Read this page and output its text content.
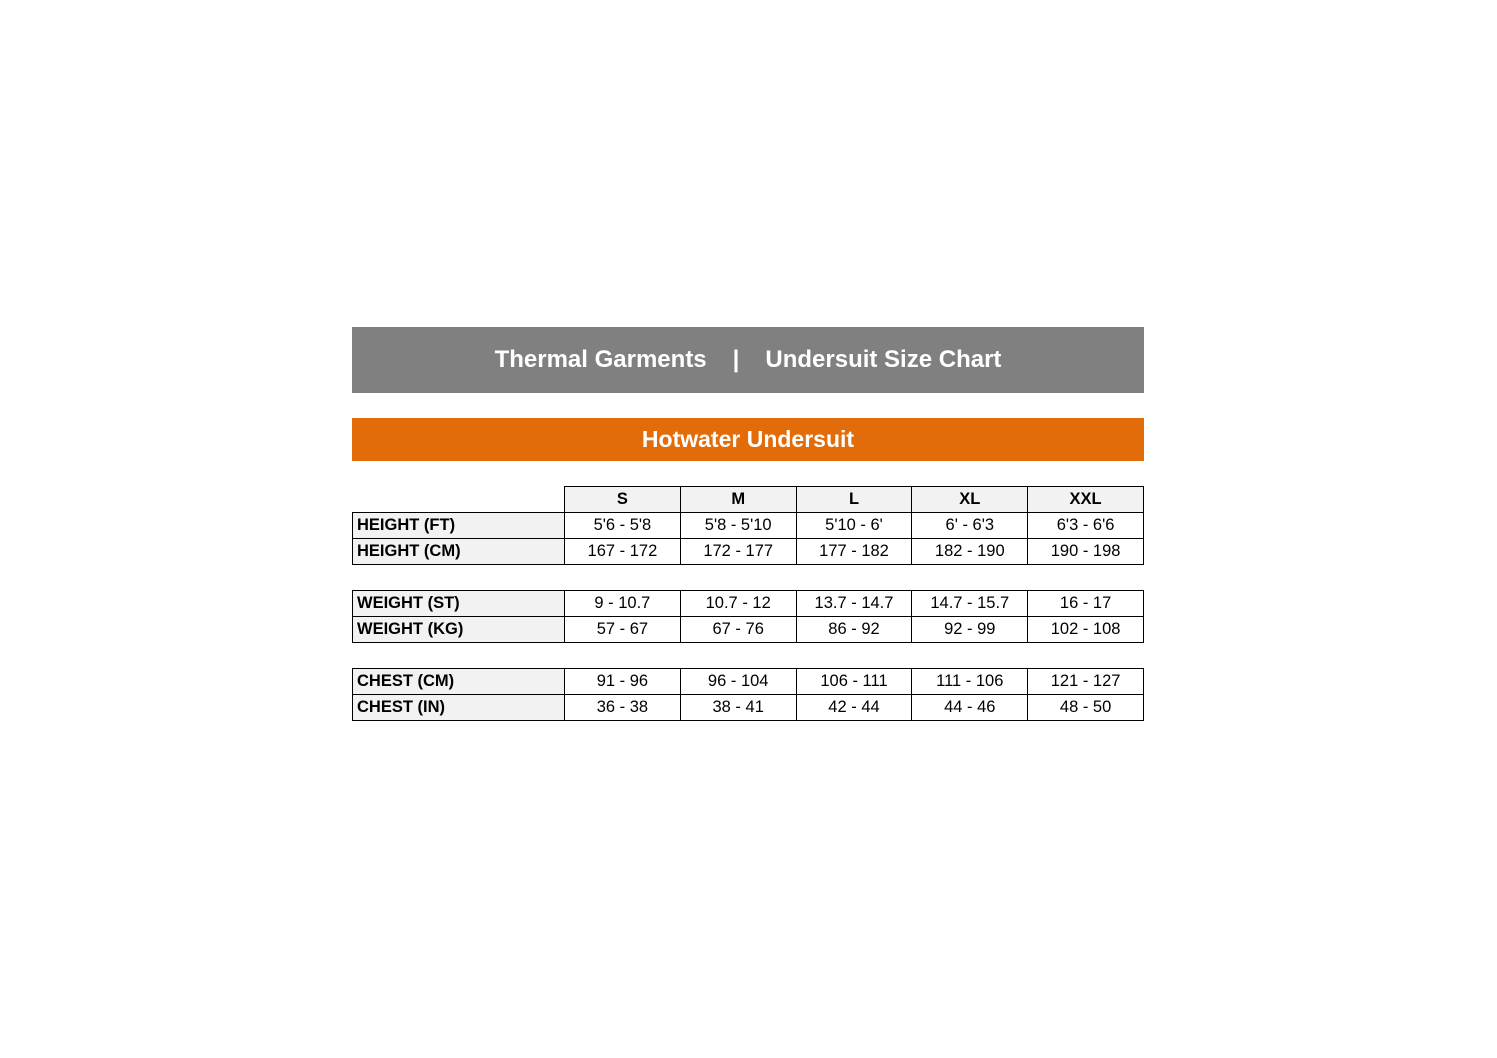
Thermal Garments | Undersuit Size Chart
Hotwater Undersuit
	S	M	L	XL	XXL
HEIGHT (FT)	5'6 - 5'8	5'8 - 5'10	5'10 - 6'	6' - 6'3	6'3 - 6'6
HEIGHT (CM)	167 - 172	172 - 177	177 - 182	182 - 190	190 - 198

WEIGHT (ST)	9 - 10.7	10.7 - 12	13.7 - 14.7	14.7 - 15.7	16 - 17
WEIGHT (KG)	57 - 67	67 - 76	86 - 92	92 - 99	102 - 108

CHEST (CM)	91 - 96	96 - 104	106 - 111	111 - 106	121 - 127
CHEST (IN)	36 - 38	38 - 41	42 - 44	44 - 46	48 - 50
